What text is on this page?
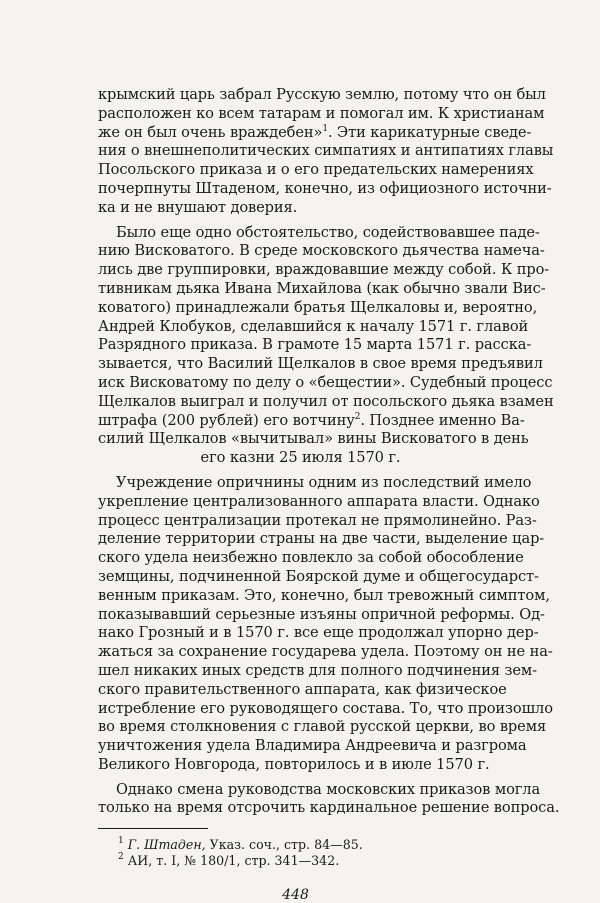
крымский царь забрал Русскую землю, потому что он был
расположен ко всем татарам и помогал им. К христианам
же он был очень враждебен»$^1$. Эти карикатурные сведе-
ния о внешнеполитических симпатиях и антипатиях главы
Посольского приказа и о его предательских намерениях
почерпнуты Штаденом, конечно, из официозного источни-
ка и не внушают доверия.
Было еще одно обстоятельство, содействовавшее паде-
нию Висковатого. В среде московского дьячества намеча-
лись две группировки, враждовавшие между собой. К про-
тивникам дьяка Ивана Михайлова (как обычно звали Вис-
коватого) принадлежали братья Щелкаловы и, вероятно,
Андрей Клобуков, сделавшийся к началу 1571 г. главой
Разрядного приказа. В грамоте 15 марта 1571 г. расска-
зывается, что Василий Щелкалов в свое время предъявил
иск Висковатому по делу о «бещестии». Судебный процесс
Щелкалов выиграл и получил от посольского дьяка взамен
штрафа (200 рублей) его вотчину$^2$. Позднее именно Ва-
силий Щелкалов «вычитывал» вины Висковатого в день
его казни 25 июля 1570 г.
Учреждение опричнины одним из последствий имело
укрепление централизованного аппарата власти. Однако
процесс централизации протекал не прямолинейно. Раз-
деление территории страны на две части, выделение цар-
ского удела неизбежно повлекло за собой обособление
земщины, подчиненной Боярской думе и общегосударст-
венным приказам. Это, конечно, был тревожный симптом,
показывавший серьезные изъяны опричной реформы. Од-
нако Грозный и в 1570 г. все еще продолжал упорно дер-
жаться за сохранение государева удела. Поэтому он не на-
шел никаких иных средств для полного подчинения зем-
ского правительственного аппарата, как физическое
истребление его руководящего состава. То, что произошло
во время столкновения с главой русской церкви, во время
уничтожения удела Владимира Андреевича и разгрома
Великого Новгорода, повторилось и в июле 1570 г.
Однако смена руководства московских приказов могла
только на время отсрочить кардинальное решение вопроса.
$^1$ Г. Штаден, Указ. соч., стр. 84—85.
$^2$ АИ, т. I, № 180/1, стр. 341—342.
448
